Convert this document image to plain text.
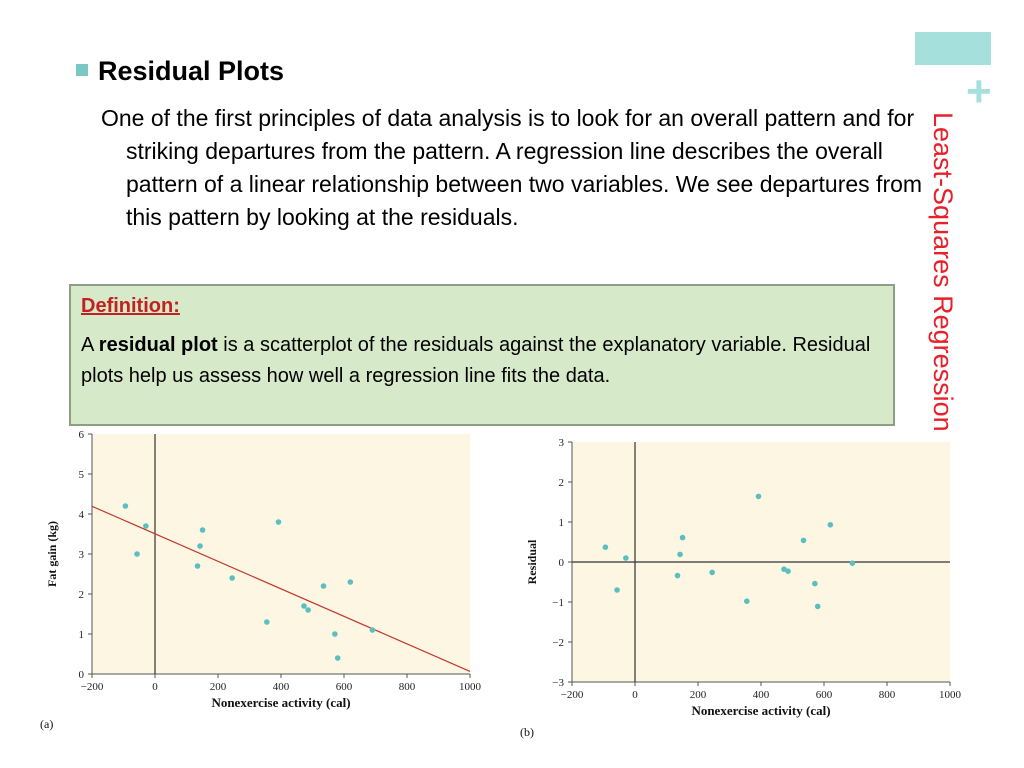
+
Least-Squares Regression
Residual Plots
One of the first principles of data analysis is to look for an overall pattern and for striking departures from the pattern. A regression line describes the overall pattern of a linear relationship between two variables. We see departures from this pattern by looking at the residuals.
Definition:
A residual plot is a scatterplot of the residuals against the explanatory variable. Residual plots help us assess how well a regression line fits the data.
−200	0	200	400	600	800	1000
0
1
2
3
4
5
6
Nonexercise activity (cal)
Fat gain (kg)
(a)
−200	0	200	400	600	800	1000
−3
−2
−1
0
1
2
3
Nonexercise activity (cal)
Residual
(b)
